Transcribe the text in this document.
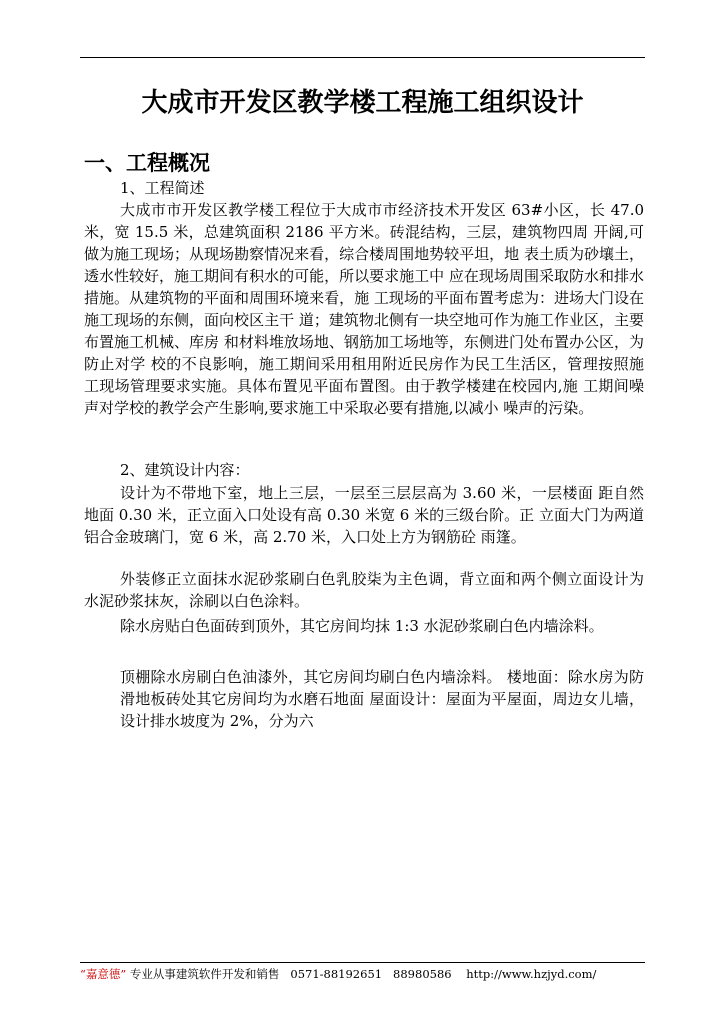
大成市开发区教学楼工程施工组织设计
一、工程概况

1、工程简述

大成市市开发区教学楼工程位于大成市市经济技术开发区 63#小区，长 47.0 米，宽 15.5 米，总建筑面积 2186 平方米。砖混结构，三层，建筑物四周 开阔,可做为施工现场；从现场勘察情况来看，综合楼周围地势较平坦，地 表土质为砂壤土，透水性较好，施工期间有积水的可能，所以要求施工中 应在现场周围采取防水和排水措施。从建筑物的平面和周围环境来看，施 工现场的平面布置考虑为：进场大门设在施工现场的东侧，面向校区主干 道；建筑物北侧有一块空地可作为施工作业区，主要布置施工机械、库房 和材料堆放场地、钢筋加工场地等，东侧进门处布置办公区，为防止对学 校的不良影响，施工期间采用租用附近民房作为民工生活区，管理按照施 工现场管理要求实施。具体布置见平面布置图。由于教学楼建在校园内,施 工期间噪声对学校的教学会产生影响,要求施工中采取必要有措施,以减小 噪声的污染。

2、建筑设计内容：

设计为不带地下室，地上三层，一层至三层层高为 3.60 米，一层楼面 距自然地面 0.30 米，正立面入口处设有高 0.30 米宽 6 米的三级台阶。正 立面大门为两道铝合金玻璃门，宽 6 米，高 2.70 米，入口处上方为钢筋砼 雨篷。

外装修正立面抹水泥砂浆刷白色乳胶柒为主色调，背立面和两个侧立面设计为水泥砂浆抹灰，涂刷以白色涂料。

除水房贴白色面砖到顶外，其它房间均抹 1:3 水泥砂浆刷白色内墙涂料。

顶棚除水房刷白色油漆外，其它房间均刷白色内墙涂料。 楼地面：除水房为防滑地板砖处其它房间均为水磨石地面 屋面设计：屋面为平屋面，周边女儿墙，设计排水坡度为 2%，分为六

“嘉意德” 专业从事建筑软件开发和销售 0571-88192651 88980586 http://www.hzjyd.com/
